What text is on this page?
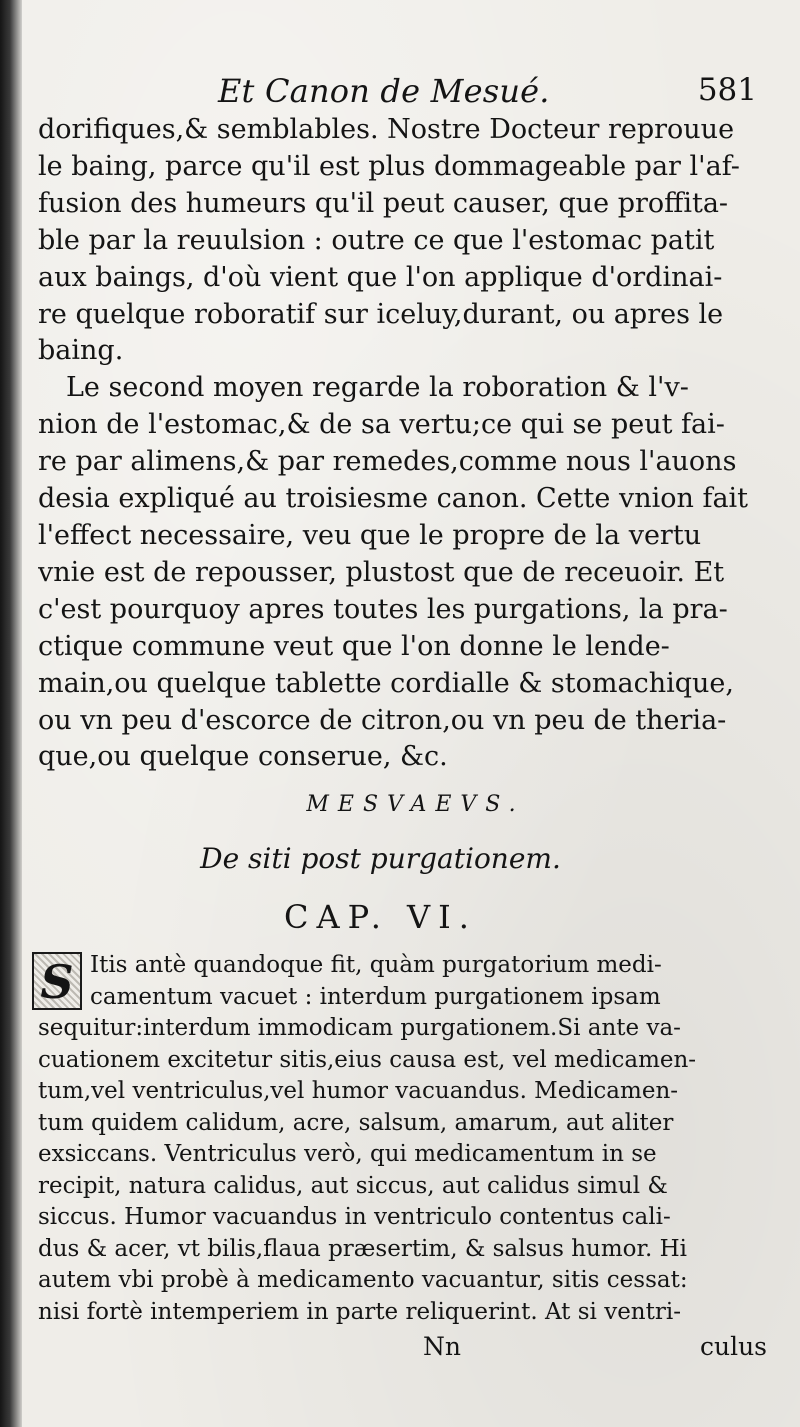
Et Canon de Mesué.	581
dorifiques,& semblables. Nostre Docteur reprouue
le baing, parce qu'il est plus dommageable par l'af-
fusion des humeurs qu'il peut causer, que proffita-
ble par la reuulsion : outre ce que l'estomac patit
aux baings, d'où vient que l'on applique d'ordinai-
re quelque roboratif sur iceluy,durant, ou apres le
baing.
Le second moyen regarde la roboration & l'v-
nion de l'estomac,& de sa vertu;ce qui se peut fai-
re par alimens,& par remedes,comme nous l'auons
desia expliqué au troisiesme canon. Cette vnion fait
l'effect necessaire, veu que le propre de la vertu
vnie est de repousser, plustost que de receuoir. Et
c'est pourquoy apres toutes les purgations, la pra-
ctique commune veut que l'on donne le lende-
main,ou quelque tablette cordialle & stomachique,
ou vn peu d'escorce de citron,ou vn peu de theria-
que,ou quelque conserue, &c.
MESVAEVS.
De siti post purgationem.
CAP. VI.
S Itis antè quandoque fit, quàm purgatorium medi-
camentum vacuet : interdum purgationem ipsam
sequitur:interdum immodicam purgationem.Si ante va-
cuationem excitetur sitis,eius causa est, vel medicamen-
tum,vel ventriculus,vel humor vacuandus. Medicamen-
tum quidem calidum, acre, salsum, amarum, aut aliter
exsiccans. Ventriculus verò, qui medicamentum in se
recipit, natura calidus, aut siccus, aut calidus simul &
siccus. Humor vacuandus in ventriculo contentus cali-
dus & acer, vt bilis,flaua præsertim, & salsus humor. Hi
autem vbi probè à medicamento vacuantur, sitis cessat:
nisi fortè intemperiem in parte reliquerint. At si ventri-
Nn	culus
